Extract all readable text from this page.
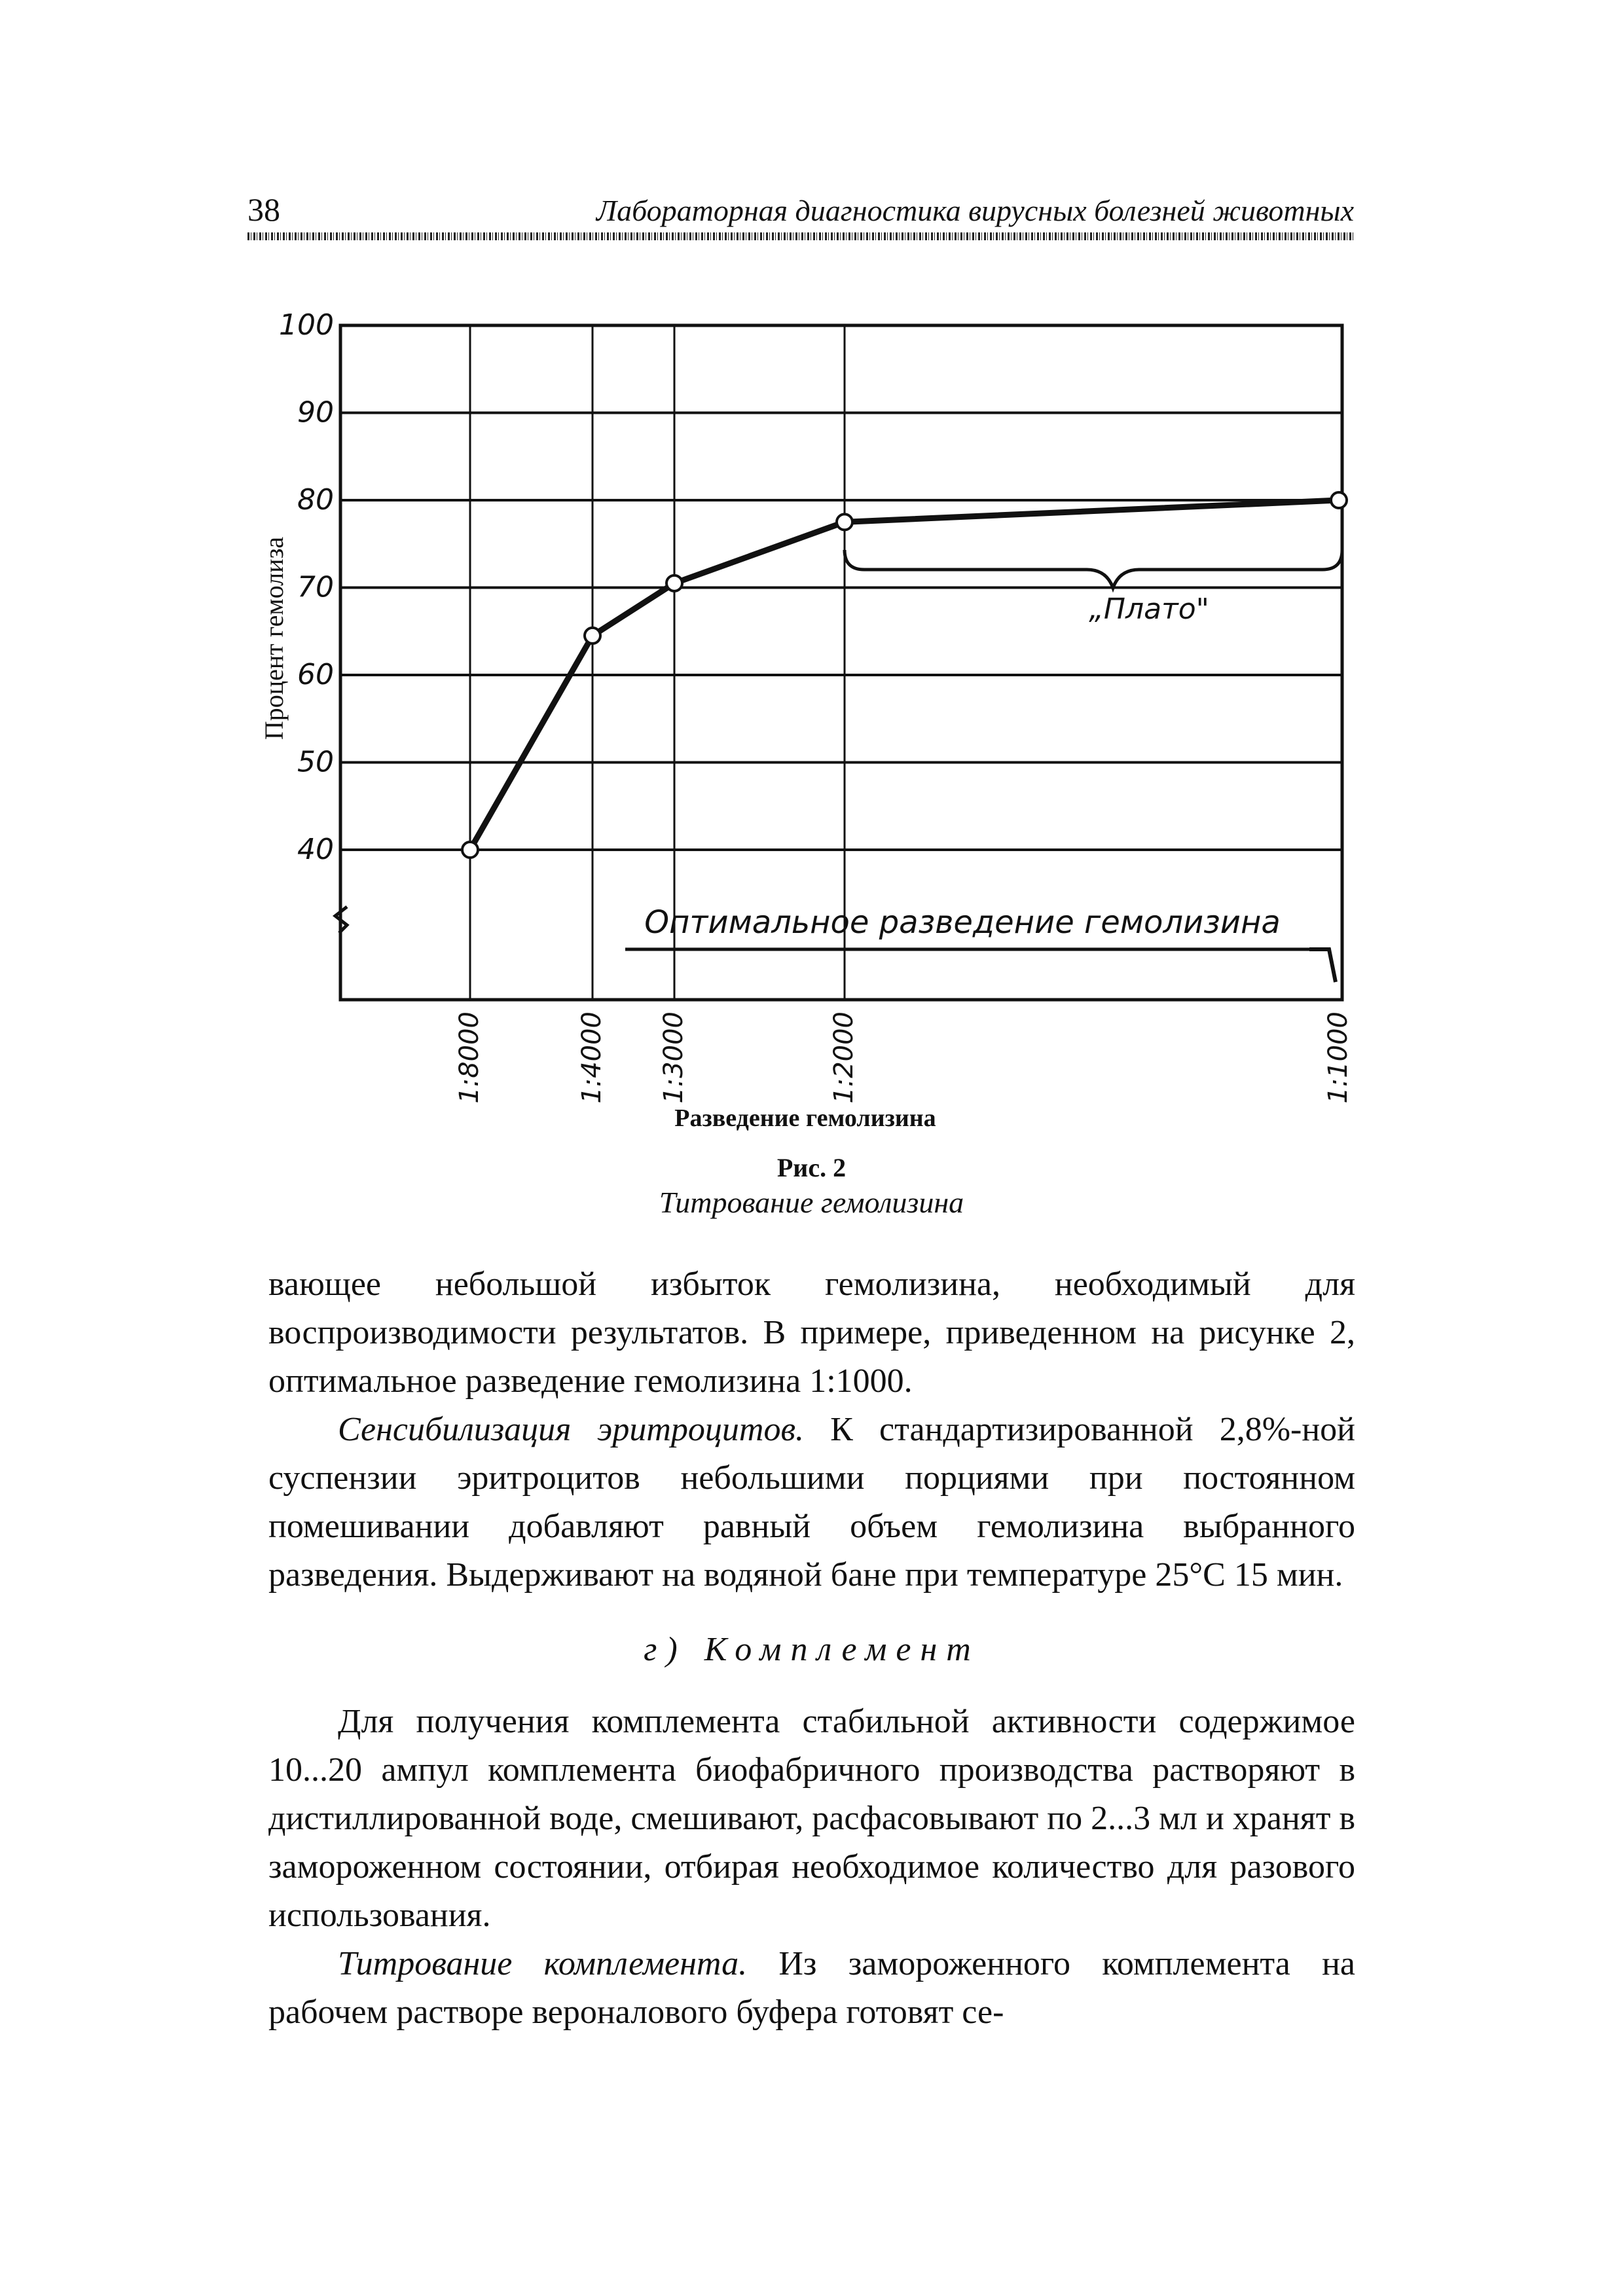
38	Лабораторная диагностика вирусных болезней животных
100
90
80
70
60
50
40
1:8000	1:4000 1:3000	1:2000	1:1000
Процент гемолиза
Разведение гемолизина
„Плато"
Оптимальное разведение гемолизина
Рис. 2
Титрование гемолизина

вающее небольшой избыток гемолизина, необходимый для воспроизводимости результатов. В примере, приведенном на рисунке 2, оптимальное разведение гемолизина 1:1000.

Сенсибилизация эритроцитов. К стандартизированной 2,8%-ной суспензии эритроцитов небольшими порциями при постоянном помешивании добавляют равный объем гемолизина выбранного разведения. Выдерживают на водяной бане при температуре 25°C 15 мин.

г) Комплемент

Для получения комплемента стабильной активности содержимое 10...20 ампул комплемента биофабричного производства растворяют в дистиллированной воде, смешивают, расфасовывают по 2...3 мл и хранят в замороженном состоянии, отбирая необходимое количество для разового использования.

Титрование комплемента. Из замороженного комплемента на рабочем растворе вероналового буфера готовят се-
